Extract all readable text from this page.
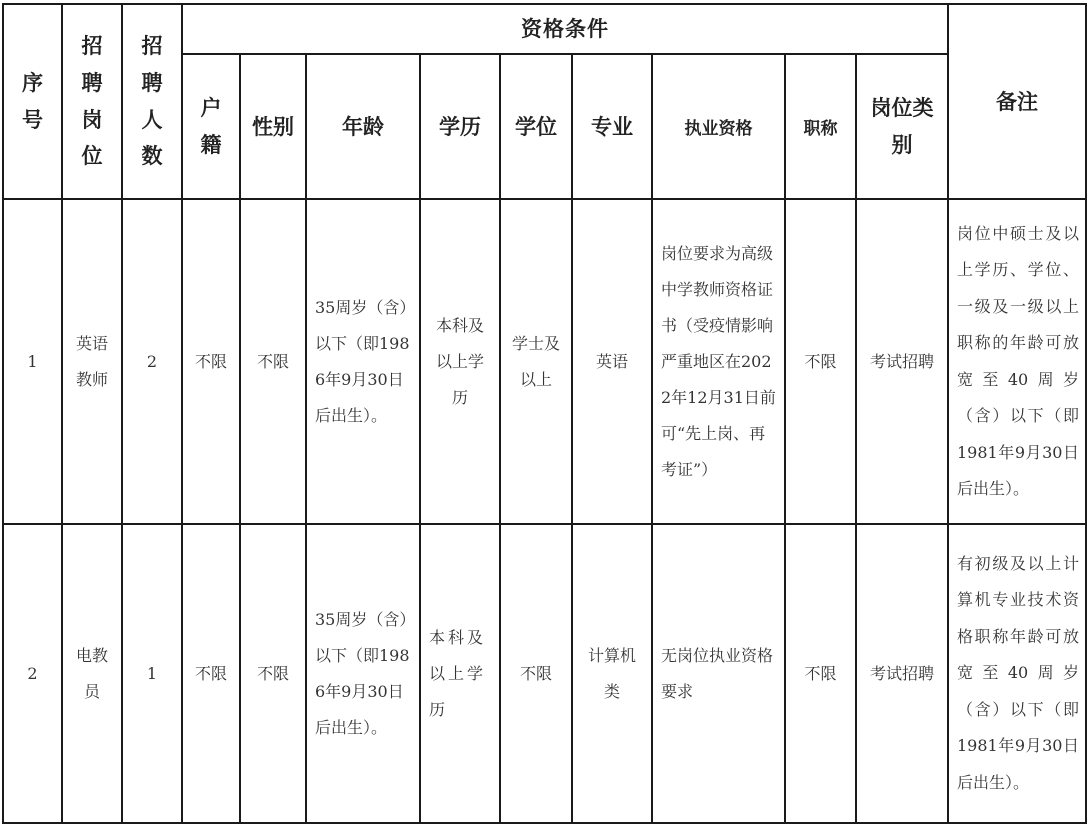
序号	招聘岗位	招聘人数	资格条件									备注
			户籍	性别	年龄	学历	学位	专业	执业资格	职称	岗位类别	

1	英语教师	2	不限	不限	35周岁（含）以下（即1986年9月30日后出生）。	本科及以上学历	学士及以上	英语	岗位要求为高级中学教师资格证书（受疫情影响严重地区在2022年12月31日前可“先上岗、再考证”）	不限	考试招聘	岗位中硕士及以上学历、学位、一级及一级以上职称的年龄可放宽至40周岁（含）以下（即1981年9月30日后出生）。

2	电教员	1	不限	不限	35周岁（含）以下（即1986年9月30日后出生）。	本科及以上学历	不限	计算机类	无岗位执业资格要求	不限	考试招聘	有初级及以上计算机专业技术资格职称年龄可放宽至40周岁（含）以下（即1981年9月30日后出生）。
